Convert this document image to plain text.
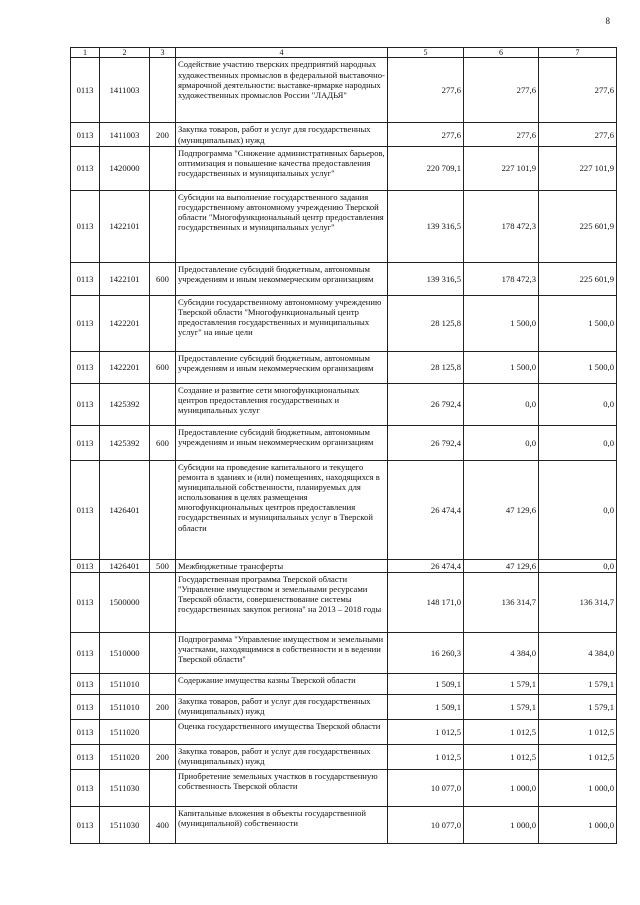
8
1	2	3	4	5	6	7
0113	1411003		Содействие участию тверских предприятий народных художественных промыслов в федеральной выставочно-ярмарочной деятельности: выставке-ярмарке народных художественных промыслов России "ЛАДЬЯ"	277,6	277,6	277,6
0113	1411003	200	Закупка товаров, работ и услуг для государственных (муниципальных) нужд	277,6	277,6	277,6
0113	1420000		Подпрограмма "Снижение административных барьеров, оптимизация и повышение качества предоставления государственных и муниципальных услуг"	220 709,1	227 101,9	227 101,9
0113	1422101		Субсидии на выполнение государственного задания государственному автономному учреждению Тверской области "Многофункциональный центр предоставления государственных и муниципальных услуг"	139 316,5	178 472,3	225 601,9
0113	1422101	600	Предоставление субсидий бюджетным, автономным учреждениям и иным некоммерческим организациям	139 316,5	178 472,3	225 601,9
0113	1422201		Субсидии государственному автономному учреждению Тверской области "Многофункциональный центр предоставления государственных и муниципальных услуг" на иные цели	28 125,8	1 500,0	1 500,0
0113	1422201	600	Предоставление субсидий бюджетным, автономным учреждениям и иным некоммерческим организациям	28 125,8	1 500,0	1 500,0
0113	1425392		Создание и развитие сети многофункциональных центров предоставления государственных и муниципальных услуг	26 792,4	0,0	0,0
0113	1425392	600	Предоставление субсидий бюджетным, автономным учреждениям и иным некоммерческим организациям	26 792,4	0,0	0,0
0113	1426401		Субсидии на проведение капитального и текущего ремонта в зданиях и (или) помещениях, находящихся в муниципальной собственности, планируемых для использования в целях размещения многофункциональных центров предоставления государственных и муниципальных услуг в Тверской области	26 474,4	47 129,6	0,0
0113	1426401	500	Межбюджетные трансферты	26 474,4	47 129,6	0,0
0113	1500000		Государственная программа Тверской области "Управление имуществом и земельными ресурсами Тверской области, совершенствование системы государственных закупок региона" на 2013 – 2018 годы	148 171,0	136 314,7	136 314,7
0113	1510000		Подпрограмма "Управление имуществом и земельными участками, находящимися в собственности и в ведении Тверской области"	16 260,3	4 384,0	4 384,0
0113	1511010		Содержание имущества казны Тверской области	1 509,1	1 579,1	1 579,1
0113	1511010	200	Закупка товаров, работ и услуг для государственных (муниципальных) нужд	1 509,1	1 579,1	1 579,1
0113	1511020		Оценка государственного имущества Тверской области	1 012,5	1 012,5	1 012,5
0113	1511020	200	Закупка товаров, работ и услуг для государственных (муниципальных) нужд	1 012,5	1 012,5	1 012,5
0113	1511030		Приобретение земельных участков в государственную собственность Тверской области	10 077,0	1 000,0	1 000,0
0113	1511030	400	Капитальные вложения в объекты государственной (муниципальной) собственности	10 077,0	1 000,0	1 000,0
